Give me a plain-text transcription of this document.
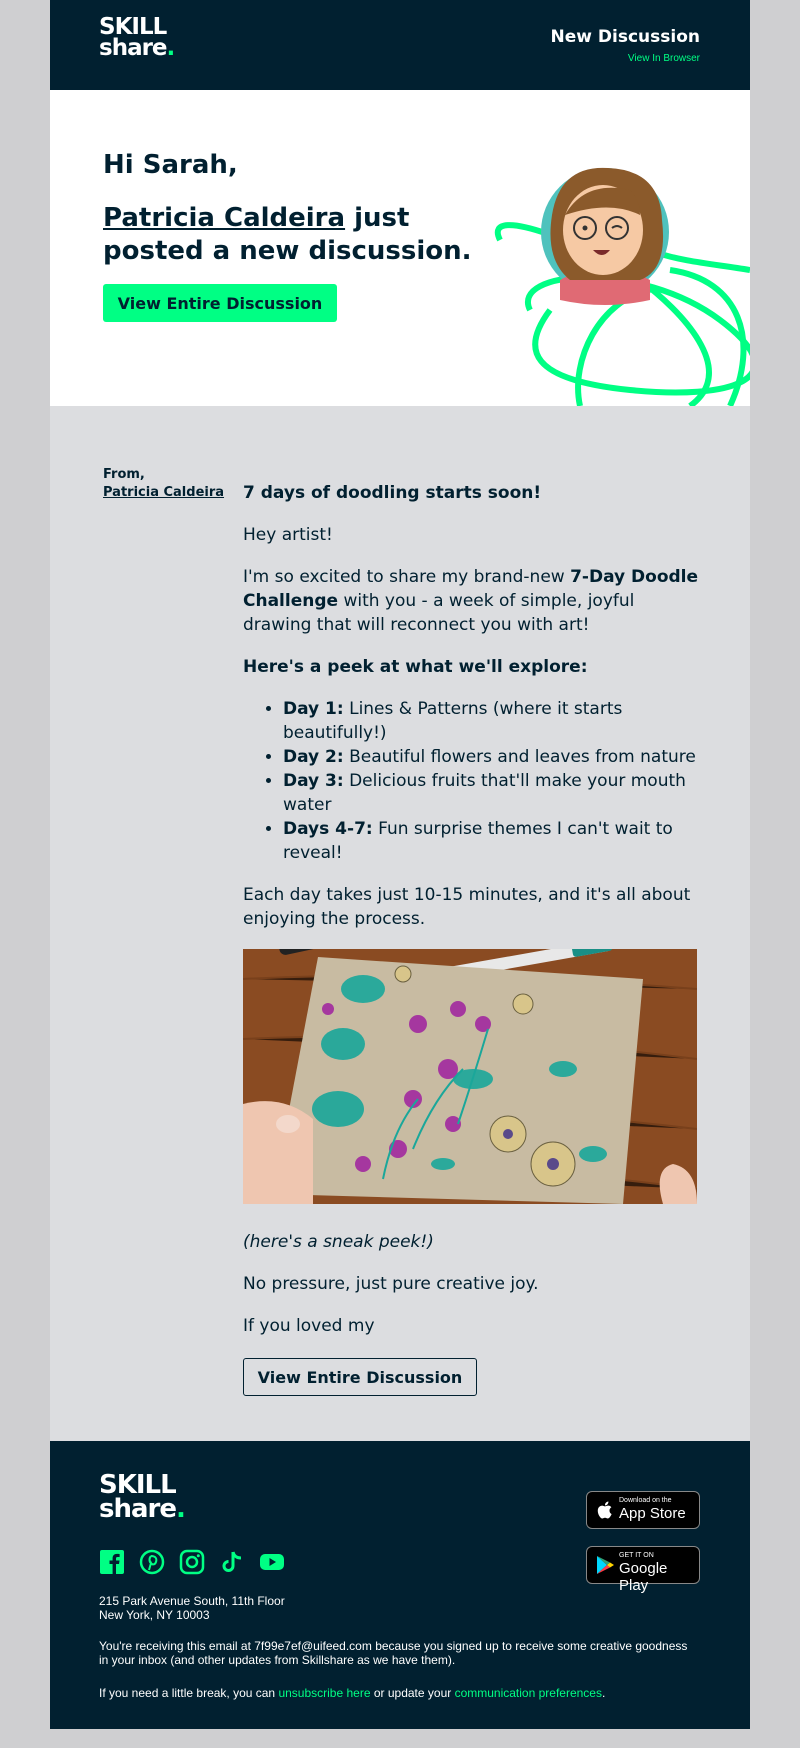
SKILL
share.	New Discussion
View In Browser
Hi Sarah,
Patricia Caldeira just posted a new discussion.
View Entire Discussion
From,
Patricia Caldeira 7 days of doodling starts soon!

Hey artist!

I'm so excited to share my brand-new 7-Day Doodle Challenge with you - a week of simple, joyful drawing that will reconnect you with art!

Here's a peek at what we'll explore:

• Day 1: Lines & Patterns (where it starts beautifully!)
• Day 2: Beautiful flowers and leaves from nature
• Day 3: Delicious fruits that'll make your mouth water
• Days 4-7: Fun surprise themes I can't wait to reveal!

Each day takes just 10-15 minutes, and it's all about enjoying the process.

(here's a sneak peek!)

No pressure, just pure creative joy.

If you loved my

View Entire Discussion
SKILL
share.
215 Park Avenue South, 11th Floor
New York, NY 10003
You're receiving this email at 7f99e7ef@uifeed.com because you signed up to receive some creative goodness in your inbox (and other updates from Skillshare as we have them).
If you need a little break, you can unsubscribe here or update your communication preferences.
Download on the
App Store
GET IT ON
Google Play
